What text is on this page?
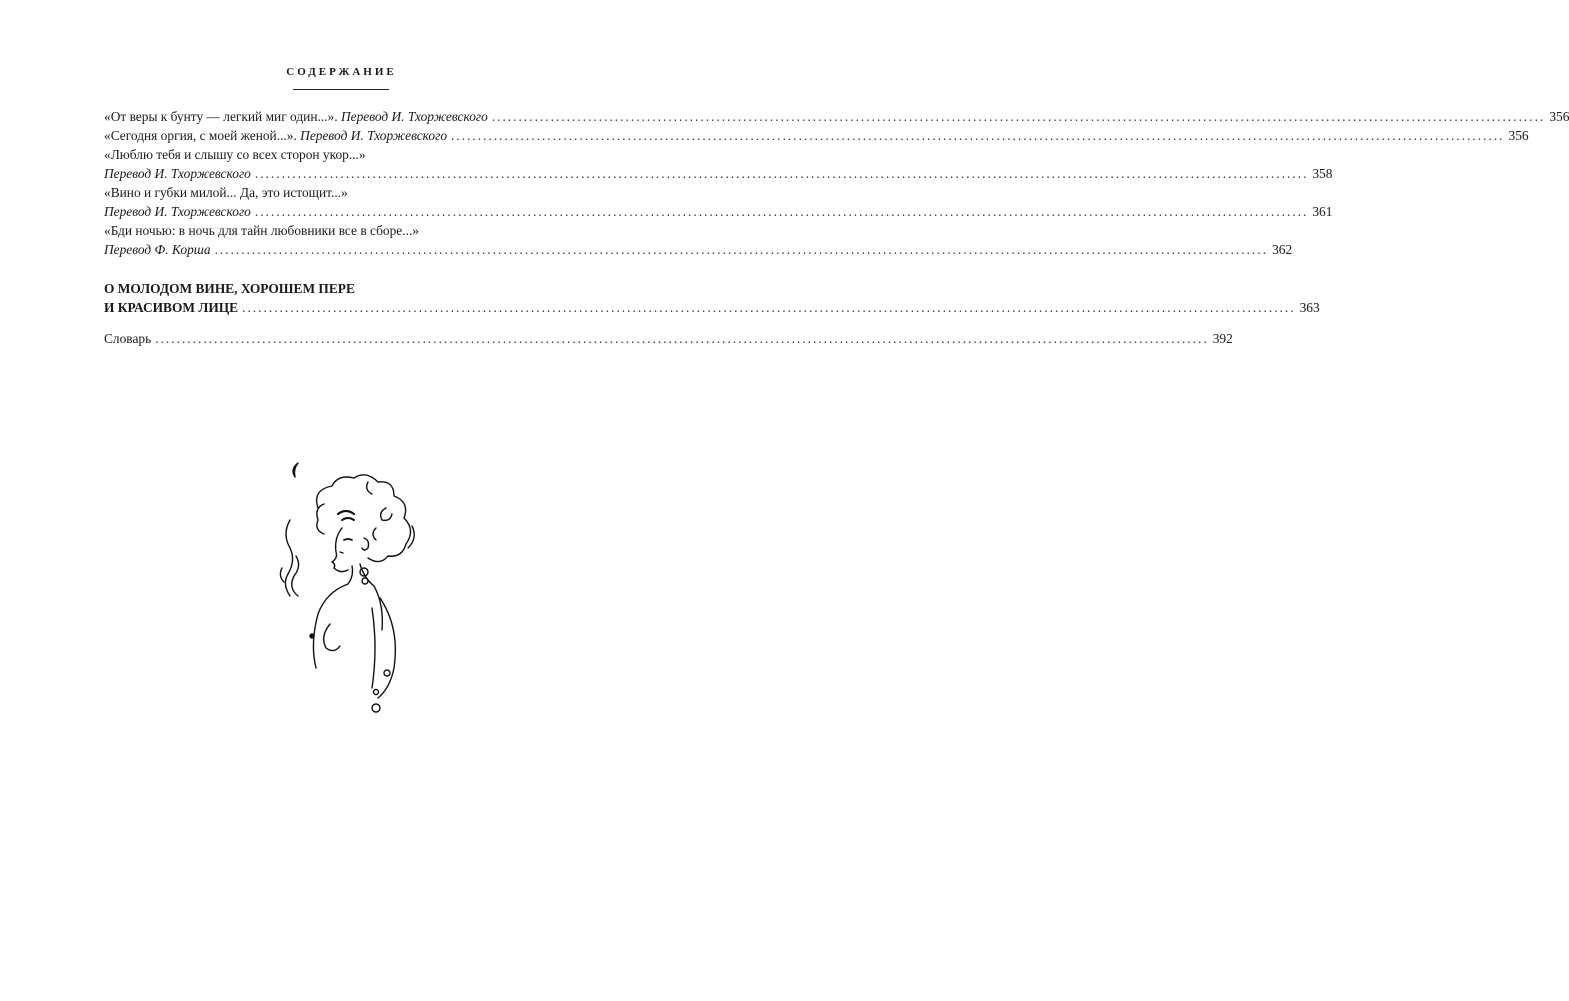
СОДЕРЖАНИЕ
«От веры к бунту — легкий миг один...». Перевод И. Тхоржевского .....	356
«Сегодня оргия, с моей женой...». Перевод И. Тхоржевского .....	356
«Люблю тебя и слышу со всех сторон укор...»
Перевод И. Тхоржевского .....	358
«Вино и губки милой... Да, это истощит...»
Перевод И. Тхоржевского .....	361
«Бди ночью: в ночь для тайн любовники все в сборе...»
Перевод Ф. Корша .....	362
О МОЛОДОМ ВИНЕ, ХОРОШЕМ ПЕРЕ
И КРАСИВОМ ЛИЦЕ .....	363
Словарь .....	392
